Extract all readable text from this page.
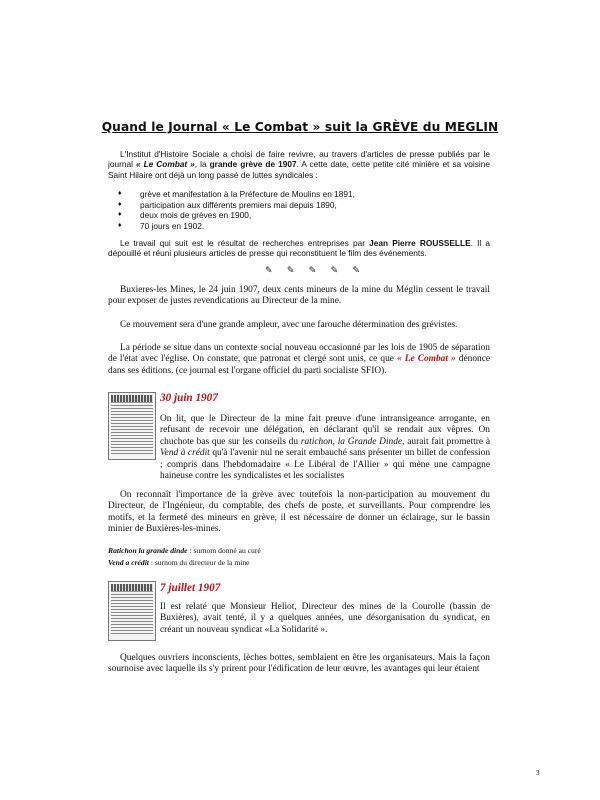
Quand le Journal « Le Combat » suit la GRÈVE du MEGLIN
L'Institut d'Histoire Sociale a choisi de faire revivre, au travers d'articles de presse publiés par le journal « Le Combat », la grande grève de 1907. A cette date, cette petite cité minière et sa voisine Saint Hilaire ont déjà un long passé de luttes syndicales :
♦ grève et manifestation à la Préfecture de Moulins en 1891,
♦ participation aux différents premiers mai depuis 1890,
♦ deux mois de grèves en 1900,
♦ 70 jours en 1902.
Le travail qui suit est le résultat de recherches entreprises par Jean Pierre ROUSSELLE. Il a dépouillé et réuni plusieurs articles de presse qui reconstituent le film des événements.
✎ ✎ ✎ ✎ ✎
Buxieres-les Mines, le 24 juin 1907, deux cents mineurs de la mine du Méglin cessent le travail pour exposer de justes revendications au Directeur de la mine.
Ce mouvement sera d'une grande ampleur, avec une farouche détermination des grévistes.
La période se situe dans un contexte social nouveau occasionné par les lois de 1905 de séparation de l'état avec l'église. On constate, que patronat et clergé sont unis, ce que « Le Combat » dénonce dans ses éditions. (ce journal est l'organe officiel du parti socialiste SFIO).
30 juin 1907
On lit, que le Directeur de la mine fait preuve d'une intransigeance arrogante, en refusant de recevoir une délégation, en déclarant qu'il se rendait aux vêpres. On chuchote bas que sur les conseils du ratichon, la Grande Dinde, aurait fait promettre à Vend à crédit qu'à l'avenir nul ne serait embauché sans présenter un billet de confession ; compris dans l'hebdomadaire « Le Libéral de l'Allier » qui mène une campagne haineuse contre les syndicalistes et les socialistes
On reconnaît l'importance de la grève avec toutefois la non-participation au mouvement du Directeur, de l'Ingénieur, du comptable, des chefs de poste, et surveillants. Pour comprendre les motifs, et la fermeté des mineurs en grève, il est nécessaire de donner un éclairage, sur le bassin minier de Buxières-les-mines.
Ratichon la grande dinde : surnom donné au curé
Vend a crédit : surnom du directeur de la mine
7 juillet 1907
Il est relaté que Monsieur Heliot, Directeur des mines de la Courolle (bassin de Buxières), avait tenté, il y a quelques années, une désorganisation du syndicat, en créant un nouveau syndicat «La Solidarité ».
Quelques ouvriers inconscients, lèches bottes, semblaient en être les organisateurs. Mais la façon sournoise avec laquelle ils s'y prirent pour l'édification de leur œuvre, les avantages qui leur étaient
3
